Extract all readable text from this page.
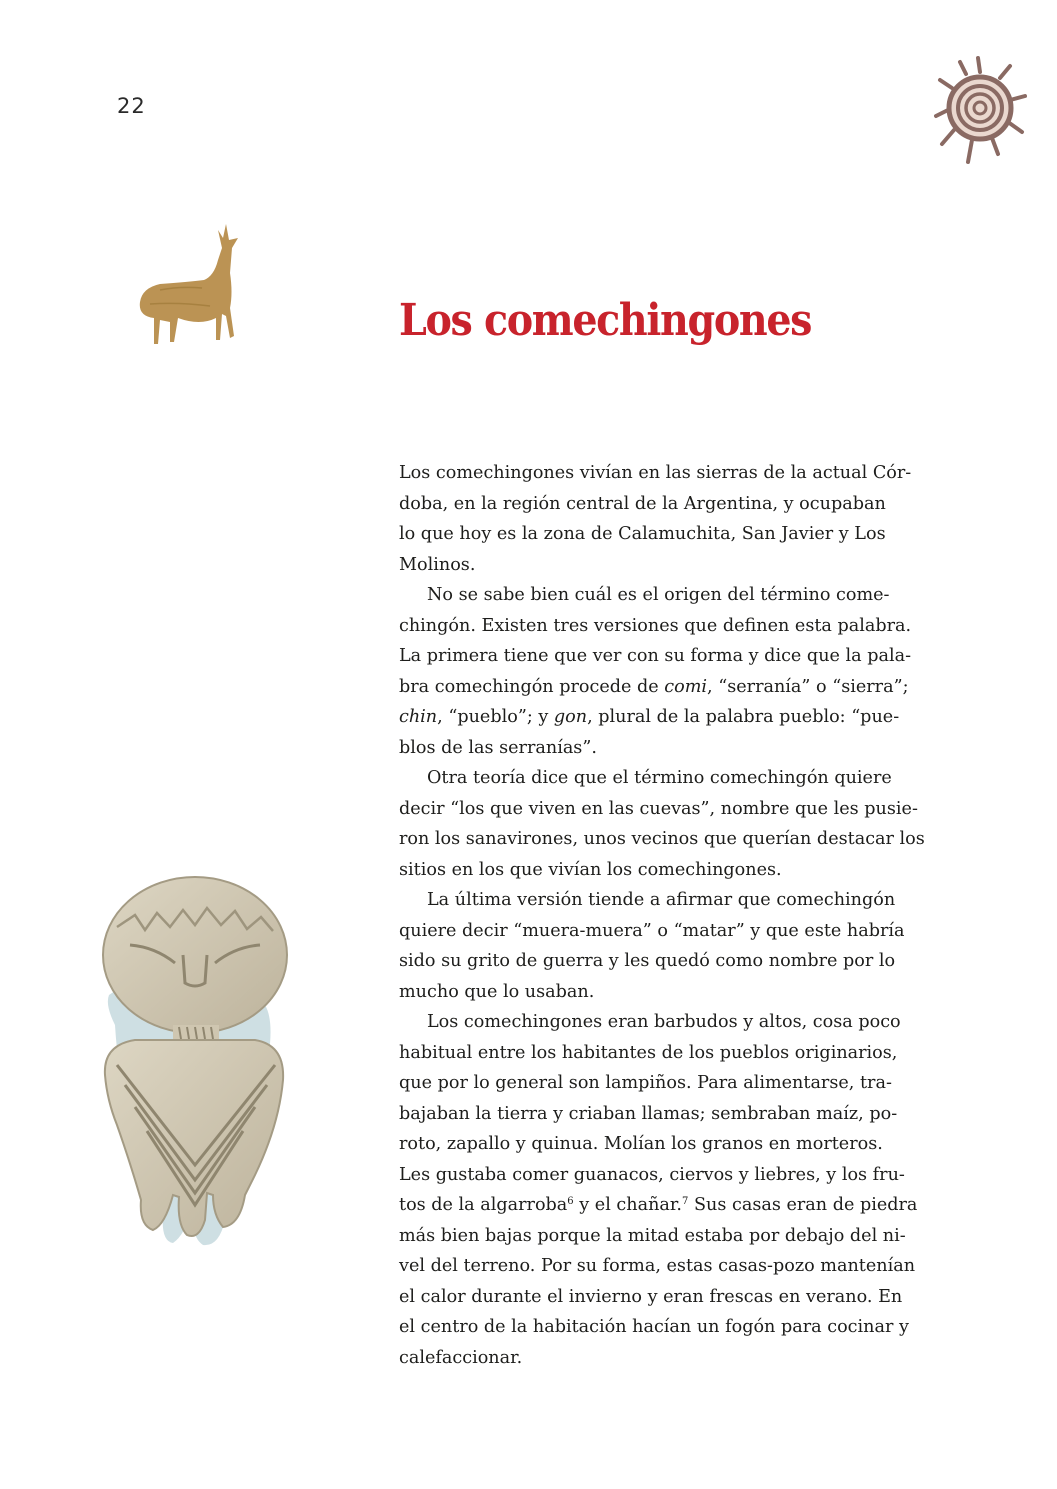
22
Los comechingones
Los comechingones vivían en las sierras de la actual Cór-
doba, en la región central de la Argentina, y ocupaban
lo que hoy es la zona de Calamuchita, San Javier y Los
Molinos.
No se sabe bien cuál es el origen del término come-
chingón. Existen tres versiones que definen esta palabra.
La primera tiene que ver con su forma y dice que la pala-
bra comechingón procede de comi, “serranía” o “sierra”;
chin, “pueblo”; y gon, plural de la palabra pueblo: “pue-
blos de las serranías”.
Otra teoría dice que el término comechingón quiere
decir “los que viven en las cuevas”, nombre que les pusie-
ron los sanavirones, unos vecinos que querían destacar los
sitios en los que vivían los comechingones.
La última versión tiende a afirmar que comechingón
quiere decir “muera-muera” o “matar” y que este habría
sido su grito de guerra y les quedó como nombre por lo
mucho que lo usaban.
Los comechingones eran barbudos y altos, cosa poco
habitual entre los habitantes de los pueblos originarios,
que por lo general son lampiños. Para alimentarse, tra-
bajaban la tierra y criaban llamas; sembraban maíz, po-
roto, zapallo y quinua. Molían los granos en morteros.
Les gustaba comer guanacos, ciervos y liebres, y los fru-
tos de la algarroba$^6$ y el chañar.$^7$ Sus casas eran de piedra
más bien bajas porque la mitad estaba por debajo del ni-
vel del terreno. Por su forma, estas casas-pozo mantenían
el calor durante el invierno y eran frescas en verano. En
el centro de la habitación hacían un fogón para cocinar y
calefaccionar.
